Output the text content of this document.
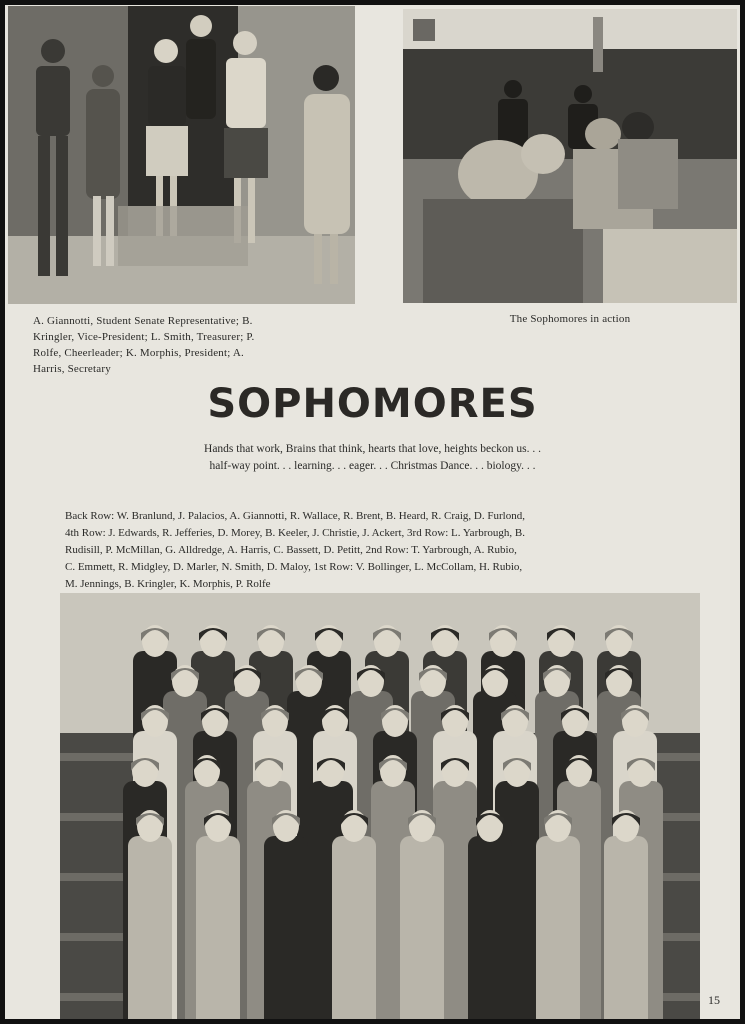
A. Giannotti, Student Senate Representative; B.
Kringler, Vice-President; L. Smith, Treasurer; P.
Rolfe, Cheerleader; K. Morphis, President; A.
Harris, Secretary
The Sophomores in action
SOPHOMORES
Hands that work, Brains that think, hearts that love, heights beckon us. . .
half-way point. . . learning. . . eager. . . Christmas Dance. . . biology. . .
Back Row: W. Branlund, J. Palacios, A. Giannotti, R. Wallace, R. Brent, B. Heard, R. Craig, D. Furlond,
4th Row: J. Edwards, R. Jefferies, D. Morey, B. Keeler, J. Christie, J. Ackert, 3rd Row: L. Yarbrough, B.
Rudisill, P. McMillan, G. Alldredge, A. Harris, C. Bassett, D. Petitt, 2nd Row: T. Yarbrough, A. Rubio,
C. Emmett, R. Midgley, D. Marler, N. Smith, D. Maloy, 1st Row: V. Bollinger, L. McCollam, H. Rubio,
M. Jennings, B. Kringler, K. Morphis, P. Rolfe
15
